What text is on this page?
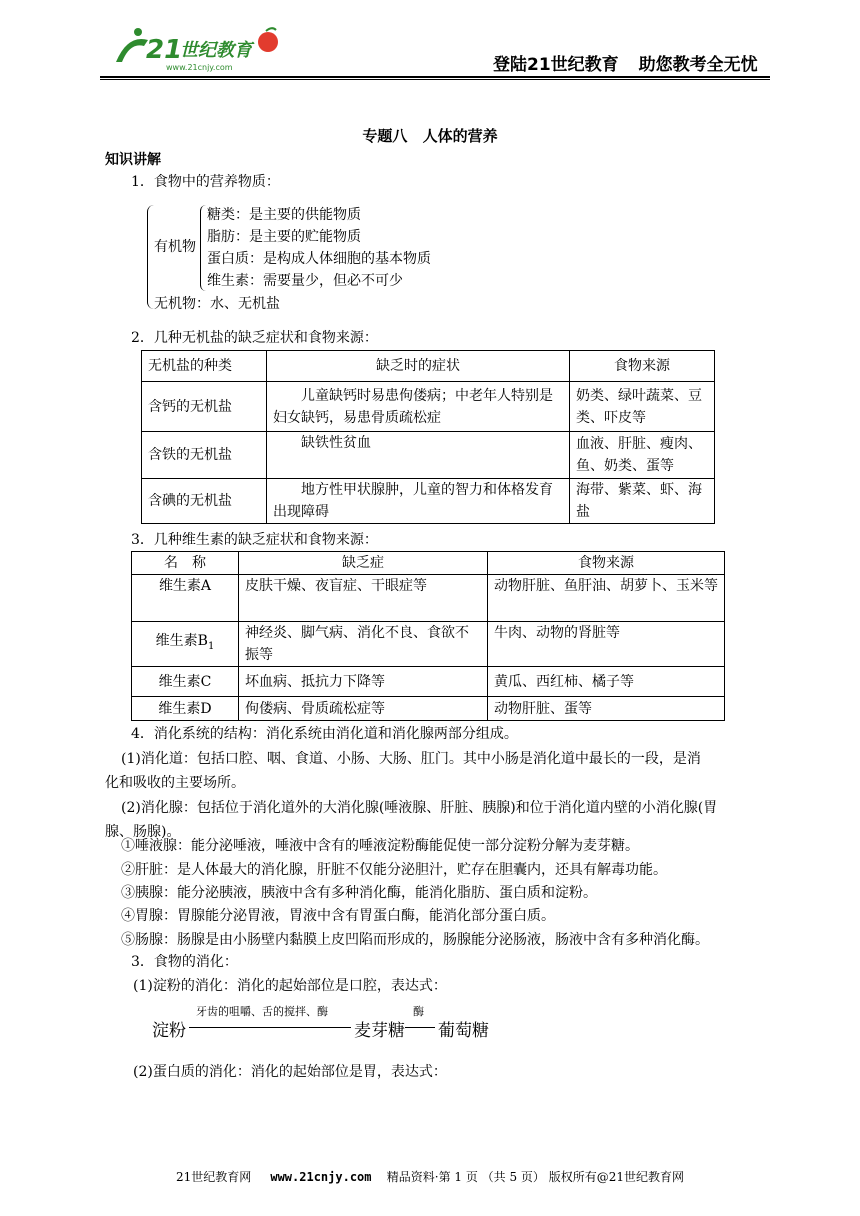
21
世纪教育
www.21cnjy.com	登陆21世纪教育 助您教考全无忧
专题八 人体的营养
知识讲解
1．食物中的营养物质：
有机物
糖类：是主要的供能物质
脂肪：是主要的贮能物质
蛋白质：是构成人体细胞的基本物质
维生素：需要量少，但必不可少
无机物：水、无机盐
2．几种无机盐的缺乏症状和食物来源：
无机盐的种类	缺乏时的症状	食物来源
含钙的无机盐	儿童缺钙时易患佝偻病；中老年人特别是妇女缺钙，易患骨质疏松症	奶类、绿叶蔬菜、豆类、吓皮等
含铁的无机盐	缺铁性贫血	血液、肝脏、瘦肉、鱼、奶类、蛋等
含碘的无机盐	地方性甲状腺肿，儿童的智力和体格发育出现障碍	海带、紫菜、虾、海盐
3．几种维生素的缺乏症状和食物来源：
名　称	缺乏症	食物来源
维生素A	皮肤干燥、夜盲症、干眼症等	动物肝脏、鱼肝油、胡萝卜、玉米等
维生素$B_1$	神经炎、脚气病、消化不良、食欲不振等	牛肉、动物的肾脏等
维生素C	坏血病、抵抗力下降等	黄瓜、西红柿、橘子等
维生素D	佝偻病、骨质疏松症等	动物肝脏、蛋等
4．消化系统的结构：消化系统由消化道和消化腺两部分组成。
(1)消化道：包括口腔、咽、食道、小肠、大肠、肛门。其中小肠是消化道中最长的一段，是消
化和吸收的主要场所。
(2)消化腺：包括位于消化道外的大消化腺(唾液腺、肝脏、胰腺)和位于消化道内壁的小消化腺(胃
腺、肠腺)。
①唾液腺：能分泌唾液，唾液中含有的唾液淀粉酶能促使一部分淀粉分解为麦芽糖。
②肝脏：是人体最大的消化腺，肝脏不仅能分泌胆汁，贮存在胆囊内，还具有解毒功能。
③胰腺：能分泌胰液，胰液中含有多种消化酶，能消化脂肪、蛋白质和淀粉。
④胃腺：胃腺能分泌胃液，胃液中含有胃蛋白酶，能消化部分蛋白质。
⑤肠腺：肠腺是由小肠壁内黏膜上皮凹陷而形成的，肠腺能分泌肠液，肠液中含有多种消化酶。
3．食物的消化：
(1)淀粉的消化：消化的起始部位是口腔，表达式：
淀粉
牙齿的咀嚼、舌的搅拌、酶
麦芽糖
酶
葡萄糖
(2)蛋白质的消化：消化的起始部位是胃，表达式：
21世纪教育网 www.21cnjy.com 精品资料·第 1 页 （共 5 页） 版权所有@21世纪教育网
